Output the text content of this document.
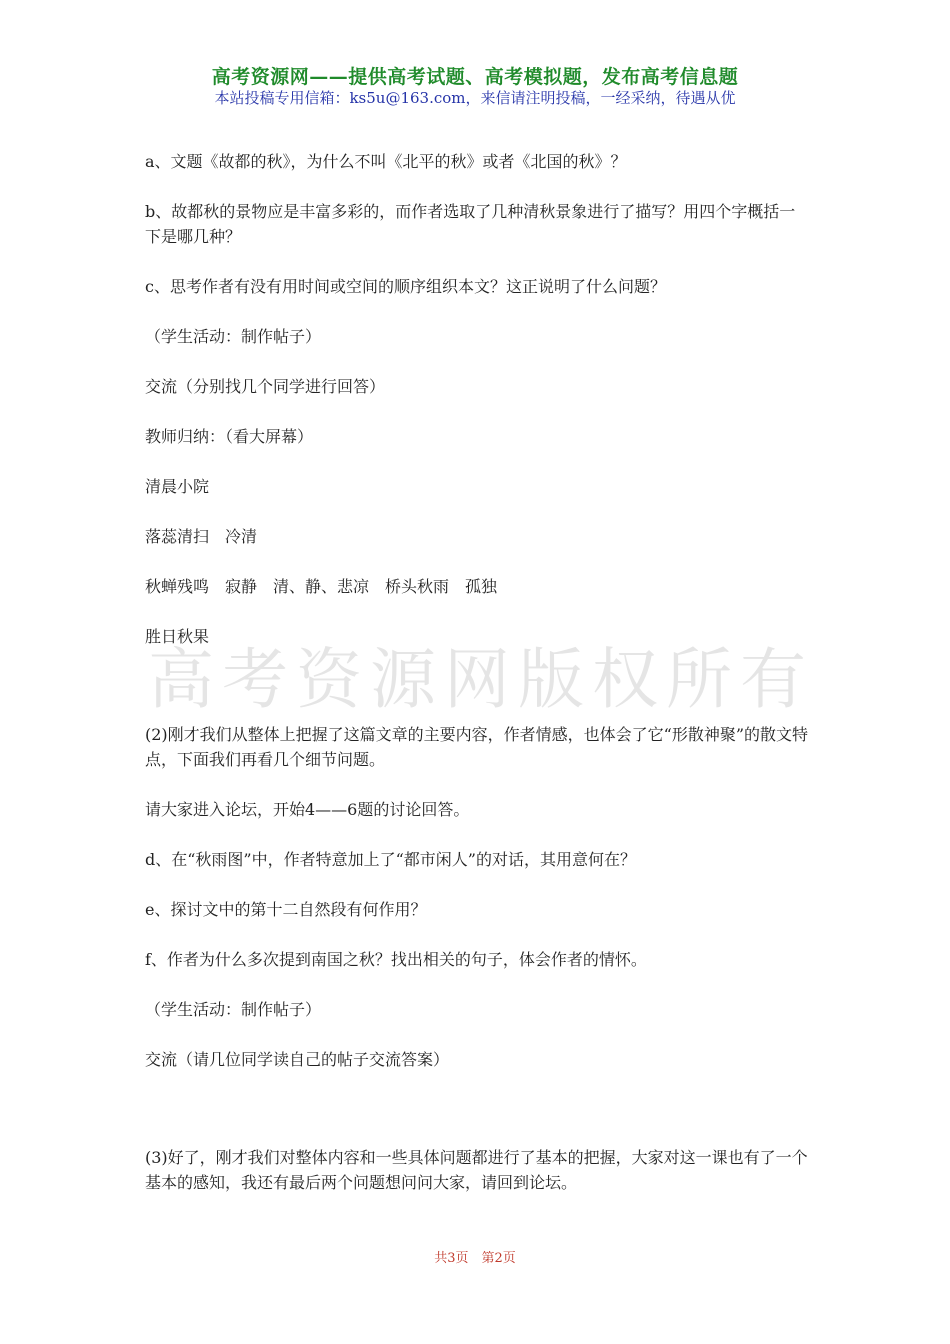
高考资源网——提供高考试题、高考模拟题，发布高考信息题
本站投稿专用信箱：ks5u@163.com，来信请注明投稿，一经采纳，待遇从优
高考资源网版权所有

a、文题《故都的秋》，为什么不叫《北平的秋》或者《北国的秋》？

b、故都秋的景物应是丰富多彩的，而作者选取了几种清秋景象进行了描写？用四个字概括一下是哪几种？

c、思考作者有没有用时间或空间的顺序组织本文？这正说明了什么问题？

（学生活动：制作帖子）

交流（分别找几个同学进行回答）

教师归纳：（看大屏幕）

清晨小院

落蕊清扫　冷清

秋蝉残鸣　寂静　清、静、悲凉　桥头秋雨　孤独

胜日秋果

(2)刚才我们从整体上把握了这篇文章的主要内容，作者情感，也体会了它“形散神聚”的散文特点，下面我们再看几个细节问题。

请大家进入论坛，开始4——6题的讨论回答。

d、在“秋雨图”中，作者特意加上了“都市闲人”的对话，其用意何在？

e、探讨文中的第十二自然段有何作用？

f、作者为什么多次提到南国之秋？找出相关的句子，体会作者的情怀。

（学生活动：制作帖子）

交流（请几位同学读自己的帖子交流答案）

(3)好了，刚才我们对整体内容和一些具体问题都进行了基本的把握，大家对这一课也有了一个基本的感知，我还有最后两个问题想问问大家，请回到论坛。

共3页　第2页
